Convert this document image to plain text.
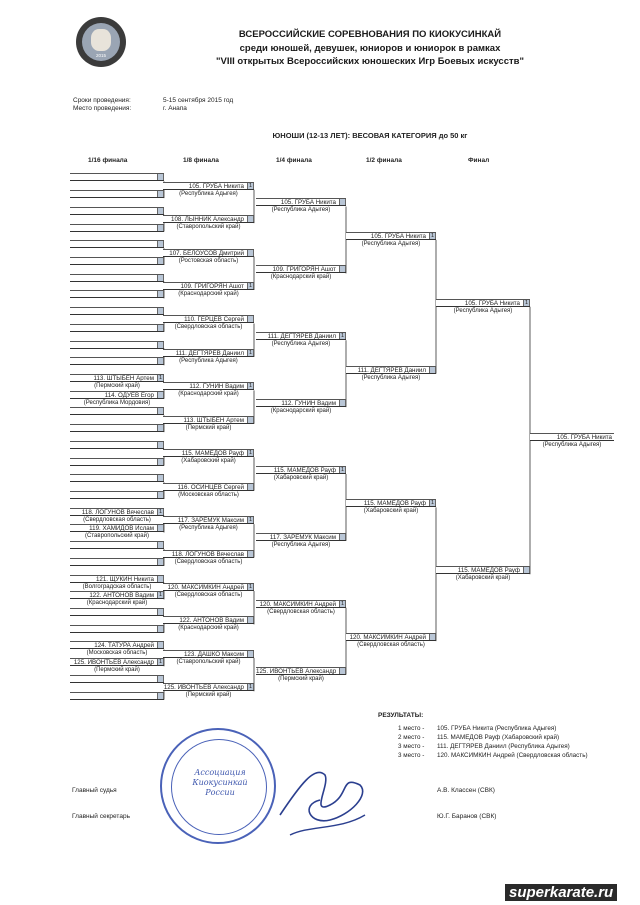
2015
ВСЕРОССИЙСКИЕ СОРЕВНОВАНИЯ ПО КИОКУСИНКАЙ
среди юношей, девушек, юниоров и юниорок в рамках
"VIII открытых Всероссийских юношеских Игр Боевых искусств"
Сроки проведения:	5-15 сентября 2015 год
Место проведения:	г. Анапа
ЮНОШИ (12-13 ЛЕТ): ВЕСОВАЯ КАТЕГОРИЯ до 50 кг
1/16 финала	1/8 финала	1/4 финала	1/2 финала	Финал
113. ШТЫБЕН Артем 1
(Пермский край)
114. ОДУЕВ Егор
(Республика Мордовия)
118. ЛОГУНОВ Вячеслав 1
(Свердловская область)
119. ХАМИДОВ Ислам
(Ставропольский край)
121. ЩУКИН Никита
(Волгоградская область)
122. АНТОНОВ Вадим 1
(Краснодарский край)
124. ТАТУРА Андрей
(Московская область)
125. ИВОНТЬЕВ Александр 1
(Пермский край)
105. ГРУБА Никита 1
(Республика Адыгея)
108. ЛЫННИК Александр
(Ставропольский край)
107. БЕЛОУСОВ Дмитрий
(Ростовская область)
109. ГРИГОРЯН Ашот 1
(Краснодарский край)
110. ГЕРЦЕВ Сергей
(Свердловская область)
111. ДЕГТЯРЕВ Даниил 1
(Республика Адыгея)
112. ГУНИН Вадим 1
(Краснодарский край)
113. ШТЫБЕН Артем
(Пермский край)
115. МАМЕДОВ Рауф 1
(Хабаровский край)
116. ОСИНЦЕВ Сергей
(Московская область)
117. ЗАРЕМУК Максим 1
(Республика Адыгея)
118. ЛОГУНОВ Вячеслав
(Свердловская область)
120. МАКСИМКИН Андрей 1
(Свердловская область)
122. АНТОНОВ Вадим
(Краснодарский край)
123. ДАШКО Максим
(Ставропольский край)
125. ИВОНТЬЕВ Александр 1
(Пермский край)
105. ГРУБА Никита
(Республика Адыгея)
109. ГРИГОРЯН Ашот
(Краснодарский край)
111. ДЕГТЯРЕВ Даниил 1
(Республика Адыгея)
112. ГУНИН Вадим
(Краснодарский край)
115. МАМЕДОВ Рауф 1
(Хабаровский край)
117. ЗАРЕМУК Максим
(Республика Адыгея)
120. МАКСИМКИН Андрей 1
(Свердловская область)
125. ИВОНТЬЕВ Александр
(Пермский край)
105. ГРУБА Никита 1
(Республика Адыгея)
111. ДЕГТЯРЕВ Даниил
(Республика Адыгея)
115. МАМЕДОВ Рауф 1
(Хабаровский край)
120. МАКСИМКИН Андрей
(Свердловская область)
105. ГРУБА Никита 1
(Республика Адыгея)
115. МАМЕДОВ Рауф
(Хабаровский край)
105. ГРУБА Никита
(Республика Адыгея)
РЕЗУЛЬТАТЫ:
1 место - 105. ГРУБА Никита (Республика Адыгея)
2 место - 115. МАМЕДОВ Рауф (Хабаровский край)
3 место - 111. ДЕГТЯРЕВ Даниил (Республика Адыгея)
3 место - 120. МАКСИМКИН Андрей (Свердловская область)
Главный судья	А.В. Классен (СВК)
Главный секретарь	Ю.Г. Баранов (СВК)
Ассоциация Киокусинкай России
superkarate.ru
